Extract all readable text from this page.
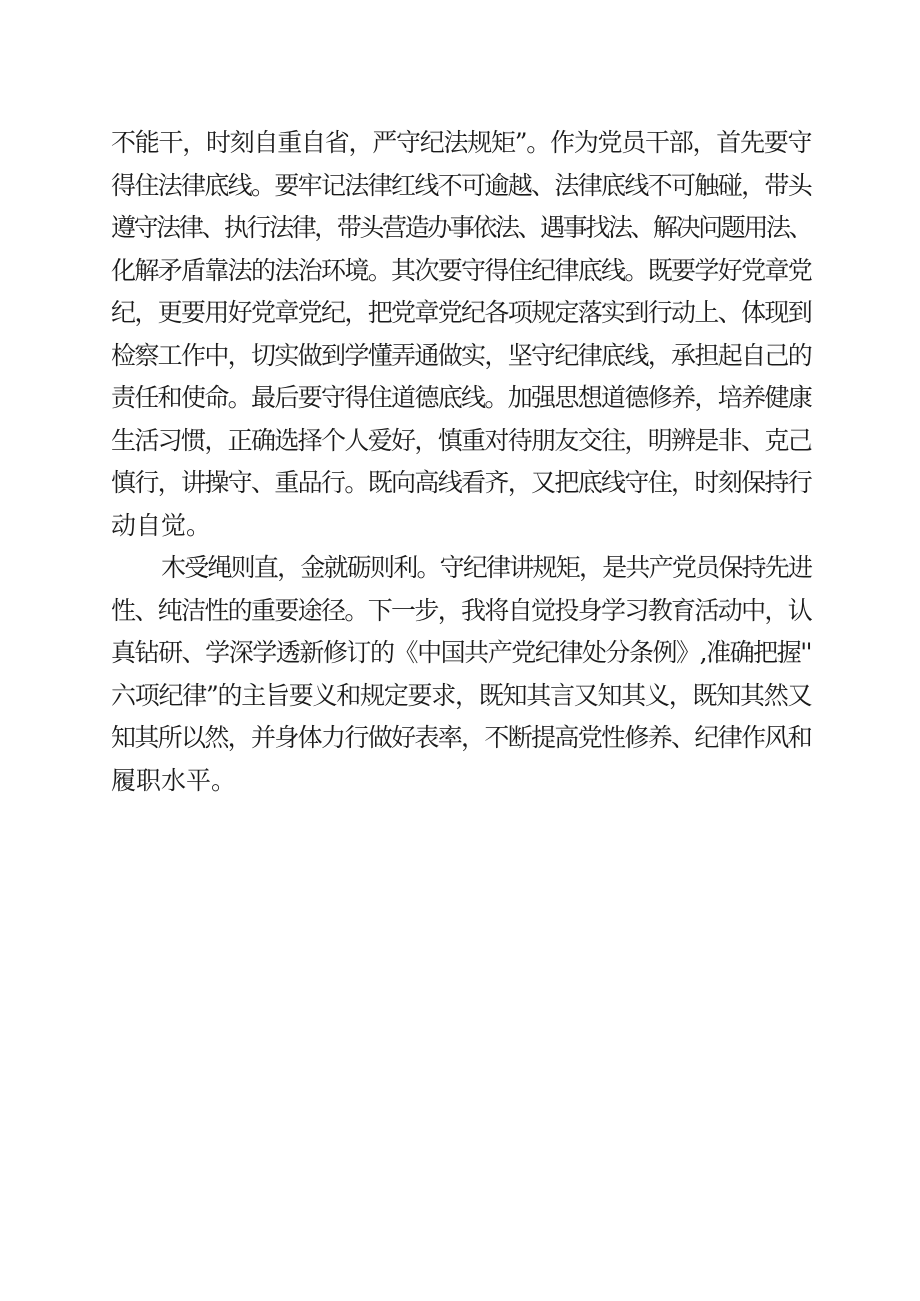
不能干，时刻自重自省，严守纪法规矩”。作为党员干部，首先要守
得住法律底线。要牢记法律红线不可逾越、法律底线不可触碰，带头
遵守法律、执行法律，带头营造办事依法、遇事找法、解决问题用法、
化解矛盾靠法的法治环境。其次要守得住纪律底线。既要学好党章党
纪，更要用好党章党纪，把党章党纪各项规定落实到行动上、体现到
检察工作中，切实做到学懂弄通做实，坚守纪律底线，承担起自己的
责任和使命。最后要守得住道德底线。加强思想道德修养，培养健康
生活习惯，正确选择个人爱好，慎重对待朋友交往，明辨是非、克己
慎行，讲操守、重品行。既向高线看齐，又把底线守住，时刻保持行
动自觉。
木受绳则直，金就砺则利。守纪律讲规矩，是共产党员保持先进
性、纯洁性的重要途径。下一步，我将自觉投身学习教育活动中，认
真钻研、学深学透新修订的《中国共产党纪律处分条例》,准确把握''
六项纪律”的主旨要义和规定要求，既知其言又知其义，既知其然又
知其所以然，并身体力行做好表率，不断提高党性修养、纪律作风和
履职水平。
